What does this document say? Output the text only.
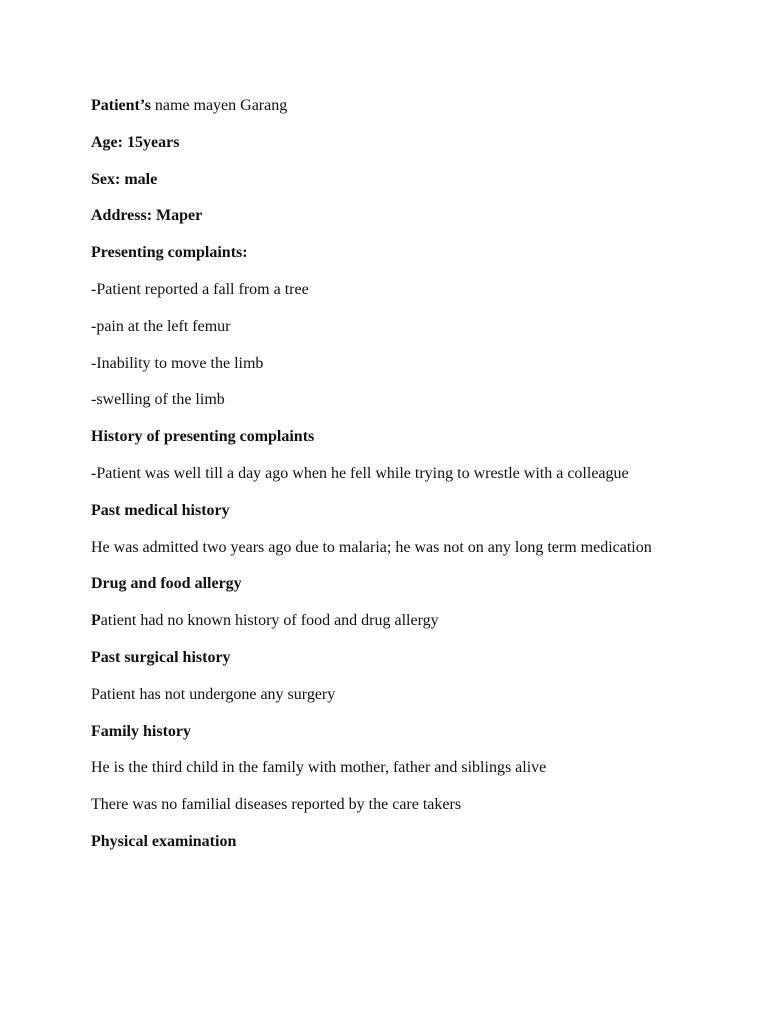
Patient’s name mayen Garang

Age: 15years

Sex: male

Address: Maper

Presenting complaints:

-Patient reported a fall from a tree

-pain at the left femur

-Inability to move the limb

-swelling of the limb

History of presenting complaints

-Patient was well till a day ago when he fell while trying to wrestle with a colleague

Past medical history

He was admitted two years ago due to malaria; he was not on any long term medication

Drug and food allergy

Patient had no known history of food and drug allergy

Past surgical history

Patient has not undergone any surgery

Family history

He is the third child in the family with mother, father and siblings alive

There was no familial diseases reported by the care takers

Physical examination
